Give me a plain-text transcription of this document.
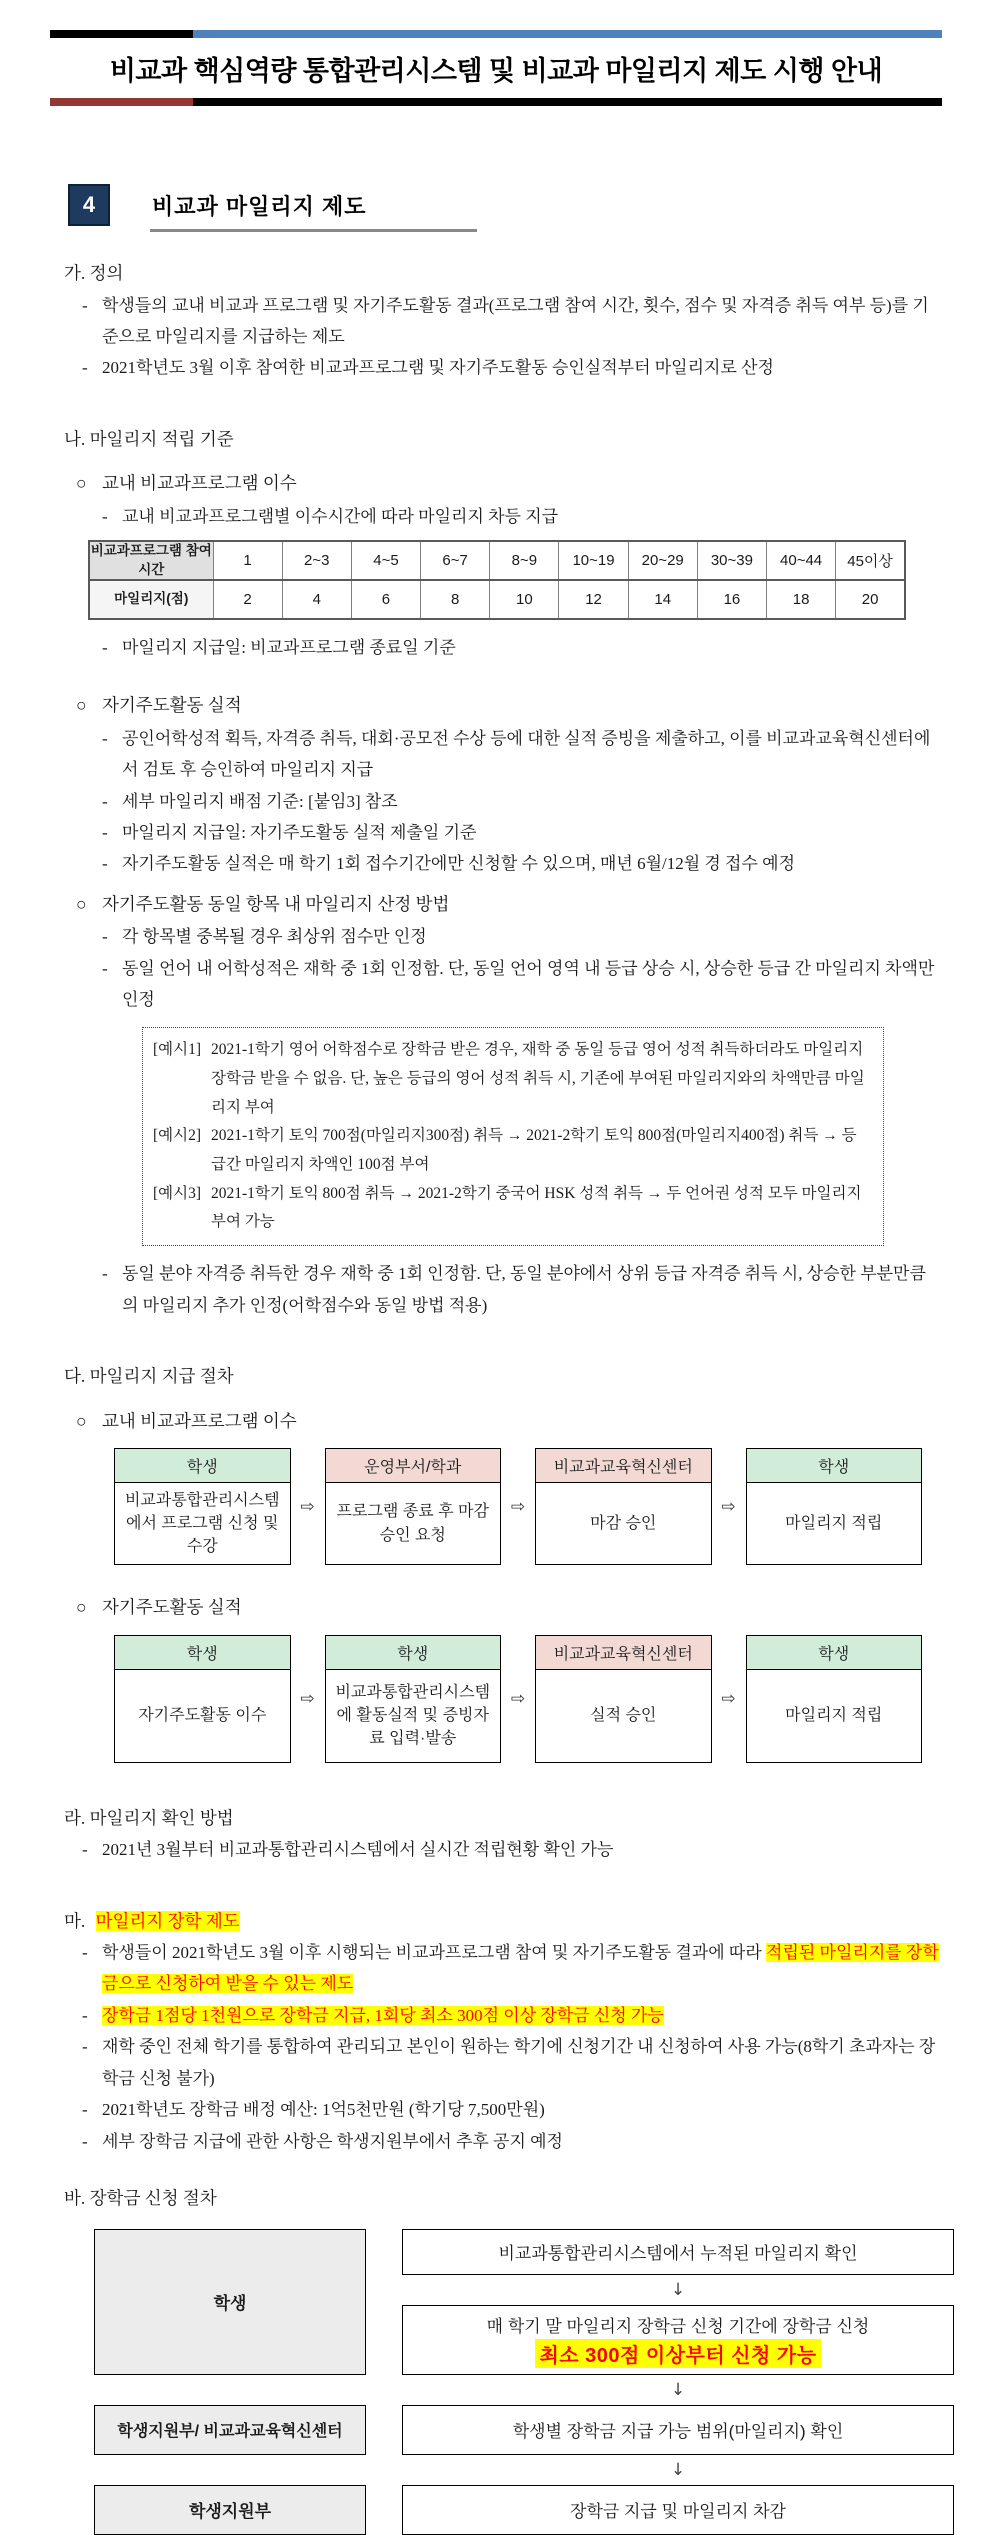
비교과 핵심역량 통합관리시스템 및 비교과 마일리지 제도 시행 안내
4	비교과 마일리지 제도
가. 정의
- 학생들의 교내 비교과 프로그램 및 자기주도활동 결과(프로그램 참여 시간, 횟수, 점수 및 자격증 취득 여부 등)를 기준으로 마일리지를 지급하는 제도
- 2021학년도 3월 이후 참여한 비교과프로그램 및 자기주도활동 승인실적부터 마일리지로 산정
나. 마일리지 적립 기준
○ 교내 비교과프로그램 이수
- 교내 비교과프로그램별 이수시간에 따라 마일리지 차등 지급
비교과프로그램 참여 시간	1	2~3	4~5	6~7	8~9	10~19	20~29	30~39	40~44	45이상
마일리지(점)	2	4	6	8	10	12	14	16	18	20
- 마일리지 지급일: 비교과프로그램 종료일 기준
○ 자기주도활동 실적
- 공인어학성적 획득, 자격증 취득, 대회·공모전 수상 등에 대한 실적 증빙을 제출하고, 이를 비교과교육혁신센터에서 검토 후 승인하여 마일리지 지급
- 세부 마일리지 배점 기준: [붙임3] 참조
- 마일리지 지급일: 자기주도활동 실적 제출일 기준
- 자기주도활동 실적은 매 학기 1회 접수기간에만 신청할 수 있으며, 매년 6월/12월 경 접수 예정
○ 자기주도활동 동일 항목 내 마일리지 산정 방법
- 각 항목별 중복될 경우 최상위 점수만 인정
- 동일 언어 내 어학성적은 재학 중 1회 인정함. 단, 동일 언어 영역 내 등급 상승 시, 상승한 등급 간 마일리지 차액만 인정
[예시1] 2021-1학기 영어 어학점수로 장학금 받은 경우, 재학 중 동일 등급 영어 성적 취득하더라도 마일리지 장학금 받을 수 없음. 단, 높은 등급의 영어 성적 취득 시, 기존에 부여된 마일리지와의 차액만큼 마일리지 부여
[예시2] 2021-1학기 토익 700점(마일리지300점) 취득 → 2021-2학기 토익 800점(마일리지400점) 취득 → 등급간 마일리지 차액인 100점 부여
[예시3] 2021-1학기 토익 800점 취득 → 2021-2학기 중국어 HSK 성적 취득 → 두 언어권 성적 모두 마일리지 부여 가능
- 동일 분야 자격증 취득한 경우 재학 중 1회 인정함. 단, 동일 분야에서 상위 등급 자격증 취득 시, 상승한 부분만큼의 마일리지 추가 인정(어학점수와 동일 방법 적용)
다. 마일리지 지급 절차
○ 교내 비교과프로그램 이수
학생
비교과통합관리시스템에서 프로그램 신청 및 수강
⇨
운영부서/학과
프로그램 종료 후 마감승인 요청
⇨
비교과교육혁신센터
마감 승인
⇨
학생
마일리지 적립
○ 자기주도활동 실적
학생
자기주도활동 이수
⇨
학생
비교과통합관리시스템에 활동실적 및 증빙자료 입력·발송
⇨
비교과교육혁신센터
실적 승인
⇨
학생
마일리지 적립
라. 마일리지 확인 방법
- 2021년 3월부터 비교과통합관리시스템에서 실시간 적립현황 확인 가능
마. 마일리지 장학 제도
- 학생들이 2021학년도 3월 이후 시행되는 비교과프로그램 참여 및 자기주도활동 결과에 따라 적립된 마일리지를 장학금으로 신청하여 받을 수 있는 제도
- 장학금 1점당 1천원으로 장학금 지급, 1회당 최소 300점 이상 장학금 신청 가능
- 재학 중인 전체 학기를 통합하여 관리되고 본인이 원하는 학기에 신청기간 내 신청하여 사용 가능(8학기 초과자는 장학금 신청 불가)
- 2021학년도 장학금 배정 예산: 1억5천만원 (학기당 7,500만원)
- 세부 장학금 지급에 관한 사항은 학생지원부에서 추후 공지 예정
바. 장학금 신청 절차
학생
학생지원부/ 비교과교육혁신센터
학생지원부
비교과통합관리시스템에서 누적된 마일리지 확인
↓
매 학기 말 마일리지 장학금 신청 기간에 장학금 신청
최소 300점 이상부터 신청 가능
↓
학생별 장학금 지급 가능 범위(마일리지) 확인
↓
장학금 지급 및 마일리지 차감
